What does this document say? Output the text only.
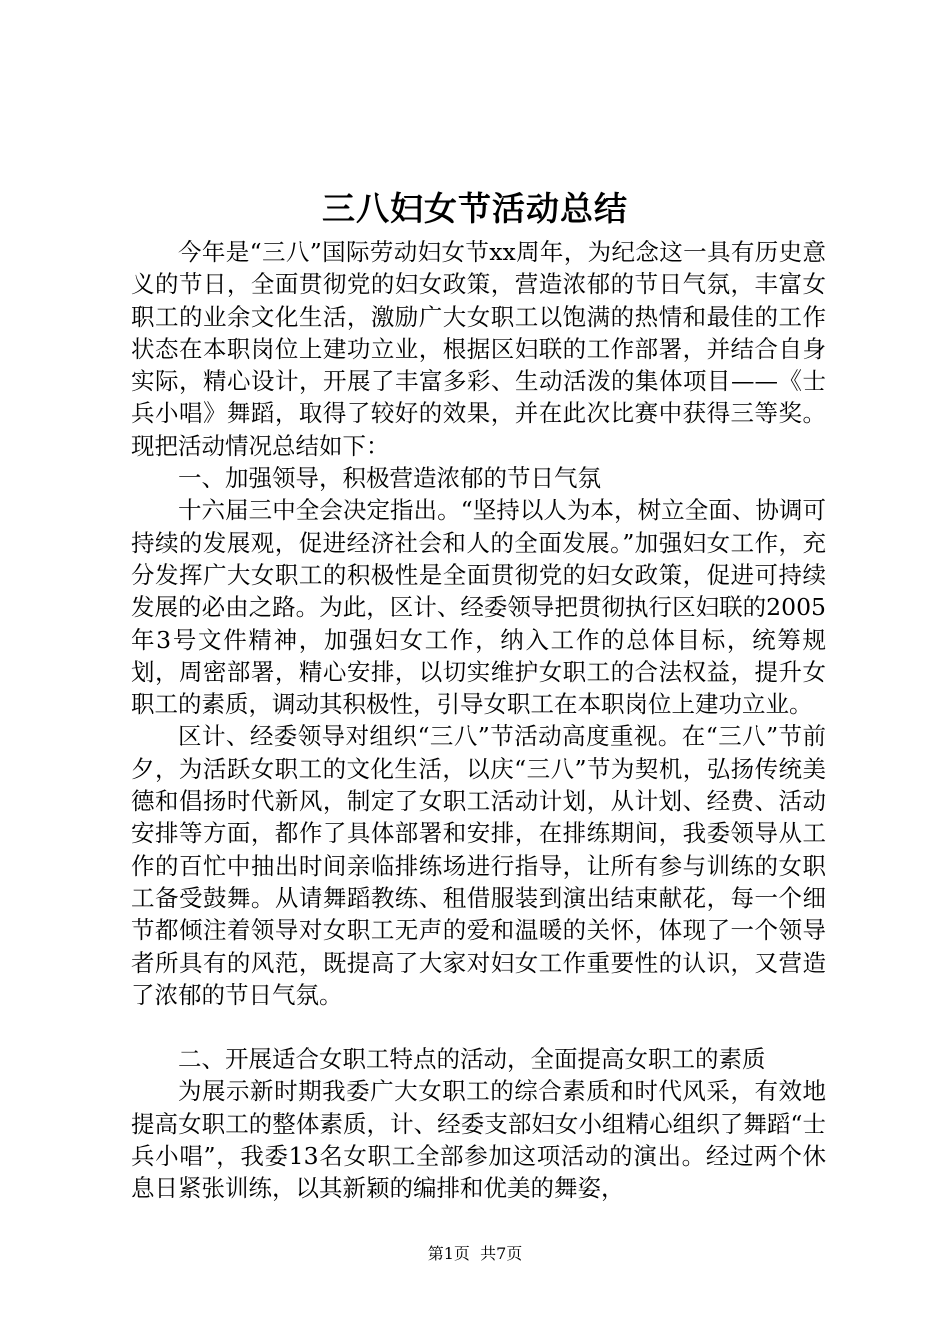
三八妇女节活动总结

今年是“三八”国际劳动妇女节xx周年，为纪念这一具有历史意义的节日，全面贯彻党的妇女政策，营造浓郁的节日气氛，丰富女职工的业余文化生活，激励广大女职工以饱满的热情和最佳的工作状态在本职岗位上建功立业，根据区妇联的工作部署，并结合自身实际，精心设计，开展了丰富多彩、生动活泼的集体项目——《士兵小唱》舞蹈，取得了较好的效果，并在此次比赛中获得三等奖。现把活动情况总结如下：

一、加强领导，积极营造浓郁的节日气氛

十六届三中全会决定指出。“坚持以人为本，树立全面、协调可持续的发展观，促进经济社会和人的全面发展。”加强妇女工作，充分发挥广大女职工的积极性是全面贯彻党的妇女政策，促进可持续发展的必由之路。为此，区计、经委领导把贯彻执行区妇联的2005年3号文件精神，加强妇女工作，纳入工作的总体目标，统筹规划，周密部署，精心安排，以切实维护女职工的合法权益，提升女职工的素质，调动其积极性，引导女职工在本职岗位上建功立业。

区计、经委领导对组织“三八”节活动高度重视。在“三八”节前夕，为活跃女职工的文化生活，以庆“三八”节为契机，弘扬传统美德和倡扬时代新风，制定了女职工活动计划，从计划、经费、活动安排等方面，都作了具体部署和安排，在排练期间，我委领导从工作的百忙中抽出时间亲临排练场进行指导，让所有参与训练的女职工备受鼓舞。从请舞蹈教练、租借服装到演出结束献花，每一个细节都倾注着领导对女职工无声的爱和温暖的关怀，体现了一个领导者所具有的风范，既提高了大家对妇女工作重要性的认识，又营造了浓郁的节日气氛。

二、开展适合女职工特点的活动，全面提高女职工的素质

为展示新时期我委广大女职工的综合素质和时代风采，有效地提高女职工的整体素质，计、经委支部妇女小组精心组织了舞蹈“士兵小唱”，我委13名女职工全部参加这项活动的演出。经过两个休息日紧张训练，以其新颖的编排和优美的舞姿，

第1页 共7页
